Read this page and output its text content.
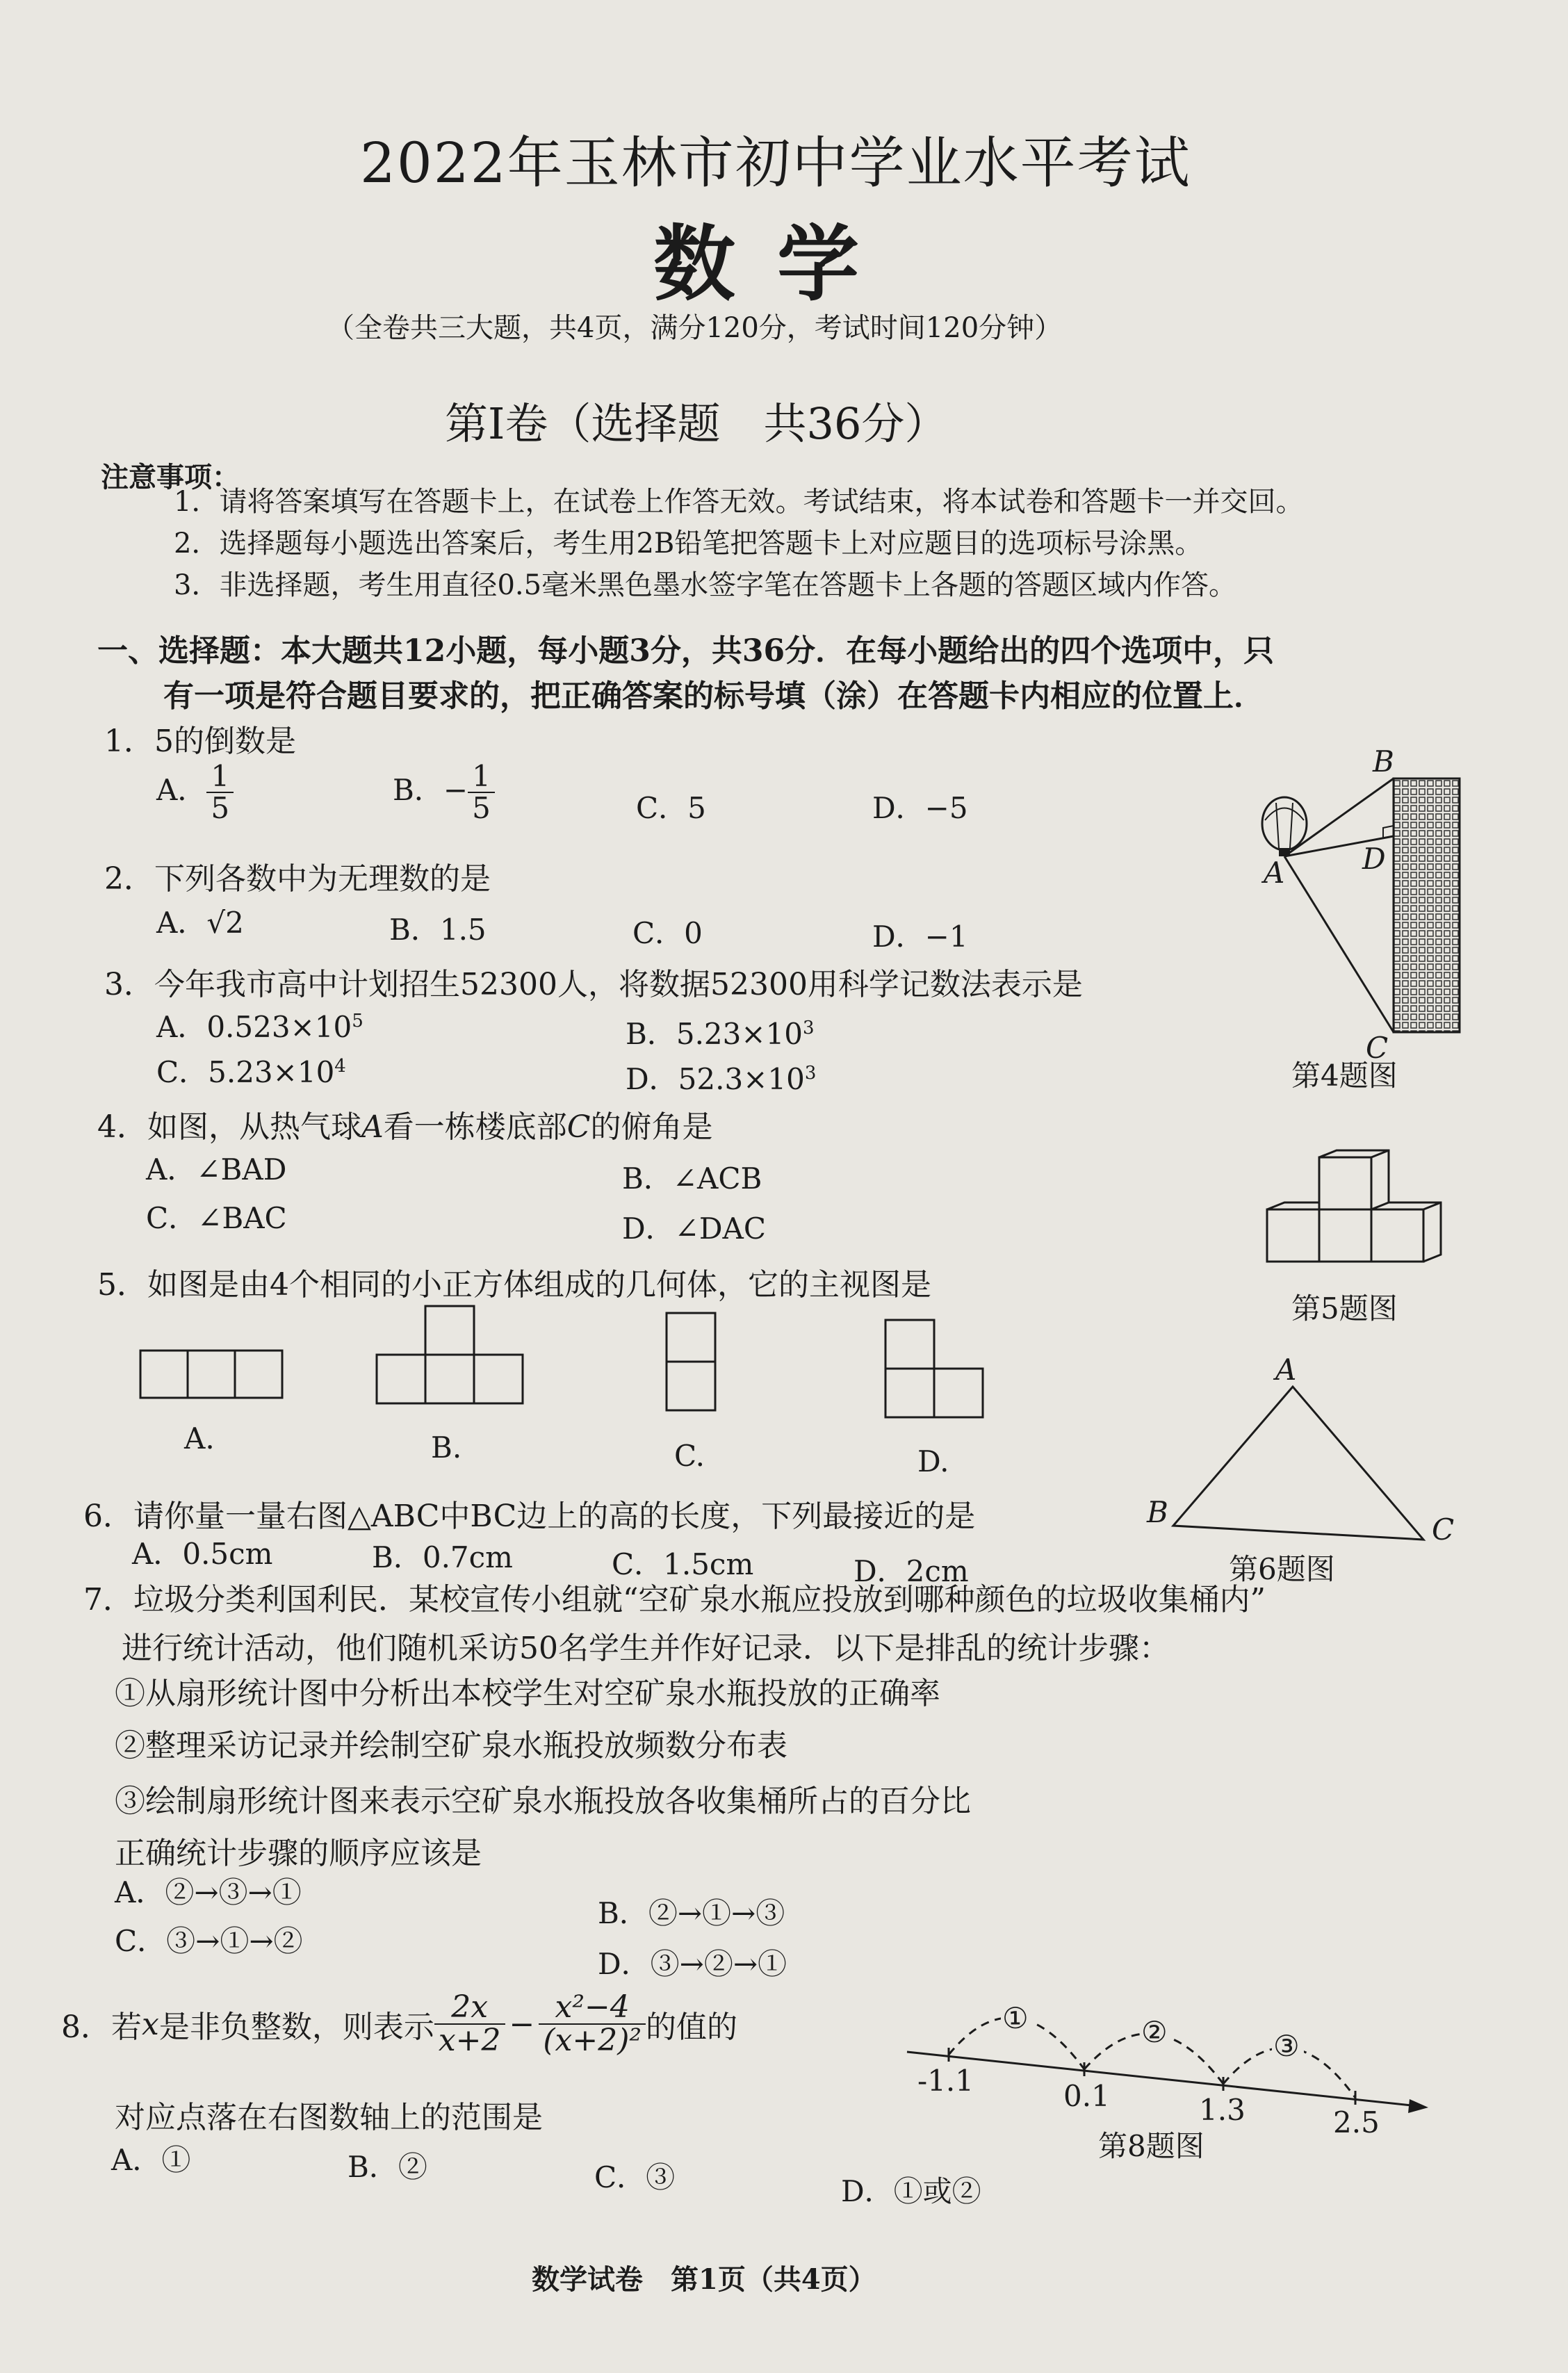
2022年玉林市初中学业水平考试
数学
（全卷共三大题，共4页，满分120分，考试时间120分钟）
第Ⅰ卷（选择题　共36分）
注意事项：
1．请将答案填写在答题卡上，在试卷上作答无效。考试结束，将本试卷和答题卡一并交回。
2．选择题每小题选出答案后，考生用2B铅笔把答题卡上对应题目的选项标号涂黑。
3．非选择题，考生用直径0.5毫米黑色墨水签字笔在答题卡上各题的答题区域内作答。
一、选择题：本大题共12小题，每小题3分，共36分．在每小题给出的四个选项中，只
有一项是符合题目要求的，把正确答案的标号填（涂）在答题卡内相应的位置上．
1．5的倒数是
A． $\frac{1}{5}$	B．− $\frac{1}{5}$	C．5	D．−5
2．下列各数中为无理数的是
A．√2	B．1.5	C．0	D．−1
3．今年我市高中计划招生52300人，将数据52300用科学记数法表示是
A．$0.523\times 10^5$	B．$5.23\times 10^3$
C．$5.23\times 10^4$	D．$52.3\times 10^3$
4．如图，从热气球A看一栋楼底部C的俯角是
A．∠BAD	B．∠ACB
C．∠BAC	D．∠DAC
B
A	D
C
第4题图
第5题图
5．如图是由4个相同的小正方体组成的几何体，它的主视图是
A.	B.	C.	D.
A
B
C
第6题图
6．请你量一量右图△ABC中BC边上的高的长度，下列最接近的是
A．0.5cm	B．0.7cm	C．1.5cm	D．2cm
7．垃圾分类利国利民．某校宣传小组就“空矿泉水瓶应投放到哪种颜色的垃圾收集桶内”
进行统计活动，他们随机采访50名学生并作好记录．以下是排乱的统计步骤：
①从扇形统计图中分析出本校学生对空矿泉水瓶投放的正确率
②整理采访记录并绘制空矿泉水瓶投放频数分布表
③绘制扇形统计图来表示空矿泉水瓶投放各收集桶所占的百分比
正确统计步骤的顺序应该是
A．②→③→①
B．②→①→③
C．③→①→②
D．③→②→①
8．若 x 是非负整数，则表示 $\frac{2x}{x+2} - \frac{\text{x²−4}}{\text{(x+2)²}}$ 的值的
对应点落在右图数轴上的范围是
A．①	B．②	C．③	D．①或②
①	②	③
-1.1	0.1	1.3	2.5
第8题图
数学试卷　第1页（共4页）
